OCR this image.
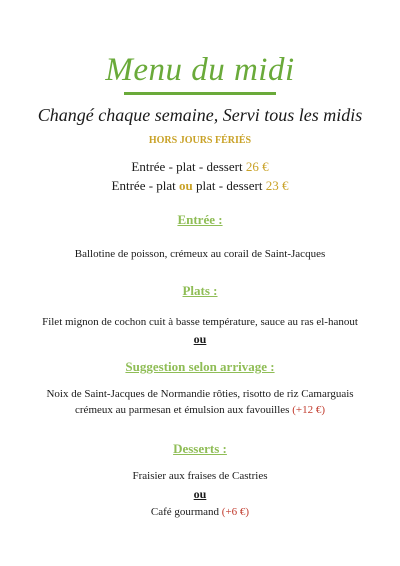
Menu du midi
Changé chaque semaine, Servi tous les midis
HORS JOURS FÉRIÉS
Entrée - plat - dessert 26 €
Entrée - plat ou plat - dessert 23 €
Entrée :
Ballotine de poisson, crémeux au corail de Saint-Jacques
Plats :
Filet mignon de cochon cuit à basse température, sauce au ras el-hanout
ou
Suggestion selon arrivage :
Noix de Saint-Jacques de Normandie rôties, risotto de riz Camarguais
crémeux au parmesan et émulsion aux favouilles (+12 €)
Desserts :
Fraisier aux fraises de Castries
ou
Café gourmand (+6 €)
